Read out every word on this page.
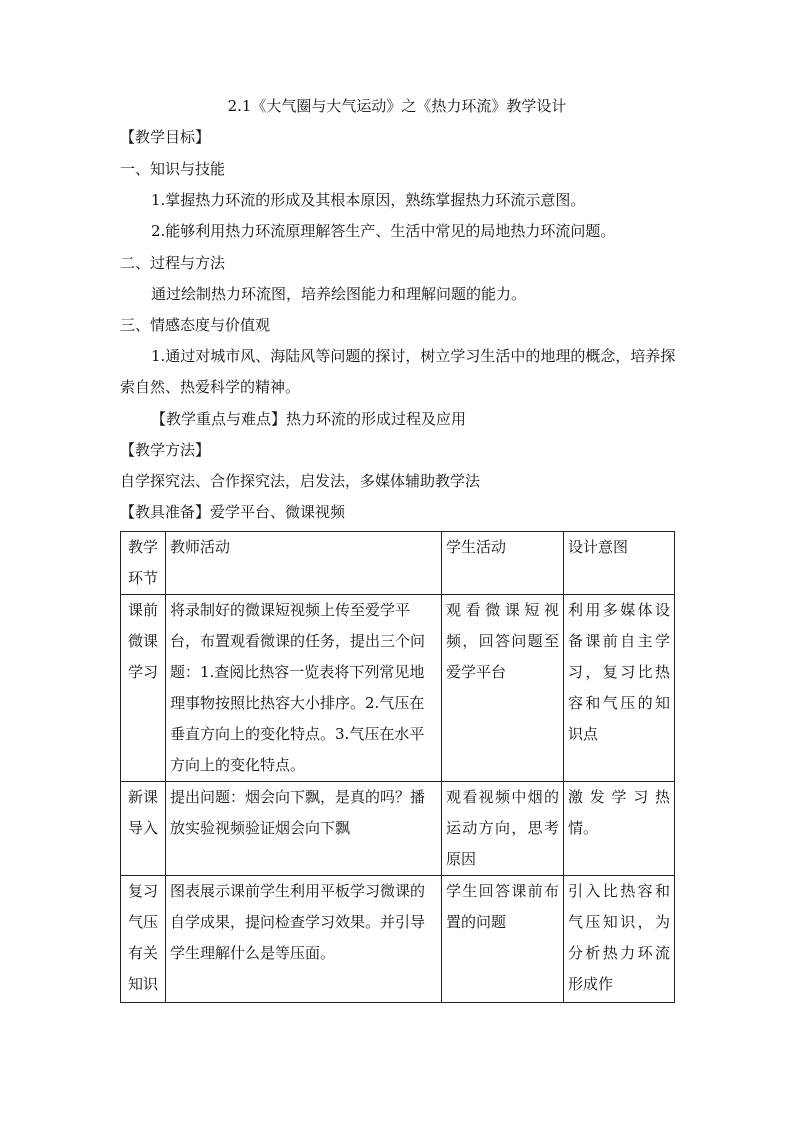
2.1《大气圈与大气运动》之《热力环流》教学设计
【教学目标】
一、知识与技能
1.掌握热力环流的形成及其根本原因，熟练掌握热力环流示意图。
2.能够利用热力环流原理解答生产、生活中常见的局地热力环流问题。
二、过程与方法
通过绘制热力环流图，培养绘图能力和理解问题的能力。
三、情感态度与价值观
1.通过对城市风、海陆风等问题的探讨，树立学习生活中的地理的概念，培养探索自然、热爱科学的精神。
【教学重点与难点】热力环流的形成过程及应用
【教学方法】
自学探究法、合作探究法，启发法，多媒体辅助教学法
【教具准备】爱学平台、微课视频
教学
环节	教师活动	学生活动	设计意图

课前
微课
学习	将录制好的微课短视频上传至爱学平台，布置观看微课的任务，提出三个问题：1.查阅比热容一览表将下列常见地理事物按照比热容大小排序。2.气压在垂直方向上的变化特点。3.气压在水平方向上的变化特点。	观看微课短视频，回答问题至爱学平台	利用多媒体设备课前自主学习，复习比热容和气压的知识点

新课
导入	提出问题：烟会向下飘，是真的吗？播放实验视频验证烟会向下飘	观看视频中烟的运动方向，思考原因	激发学习热情。

复习
气压
有关
知识	图表展示课前学生利用平板学习微课的自学成果，提问检查学习效果。并引导学生理解什么是等压面。	学生回答课前布置的问题	引入比热容和气压知识，为分析热力环流形成作
